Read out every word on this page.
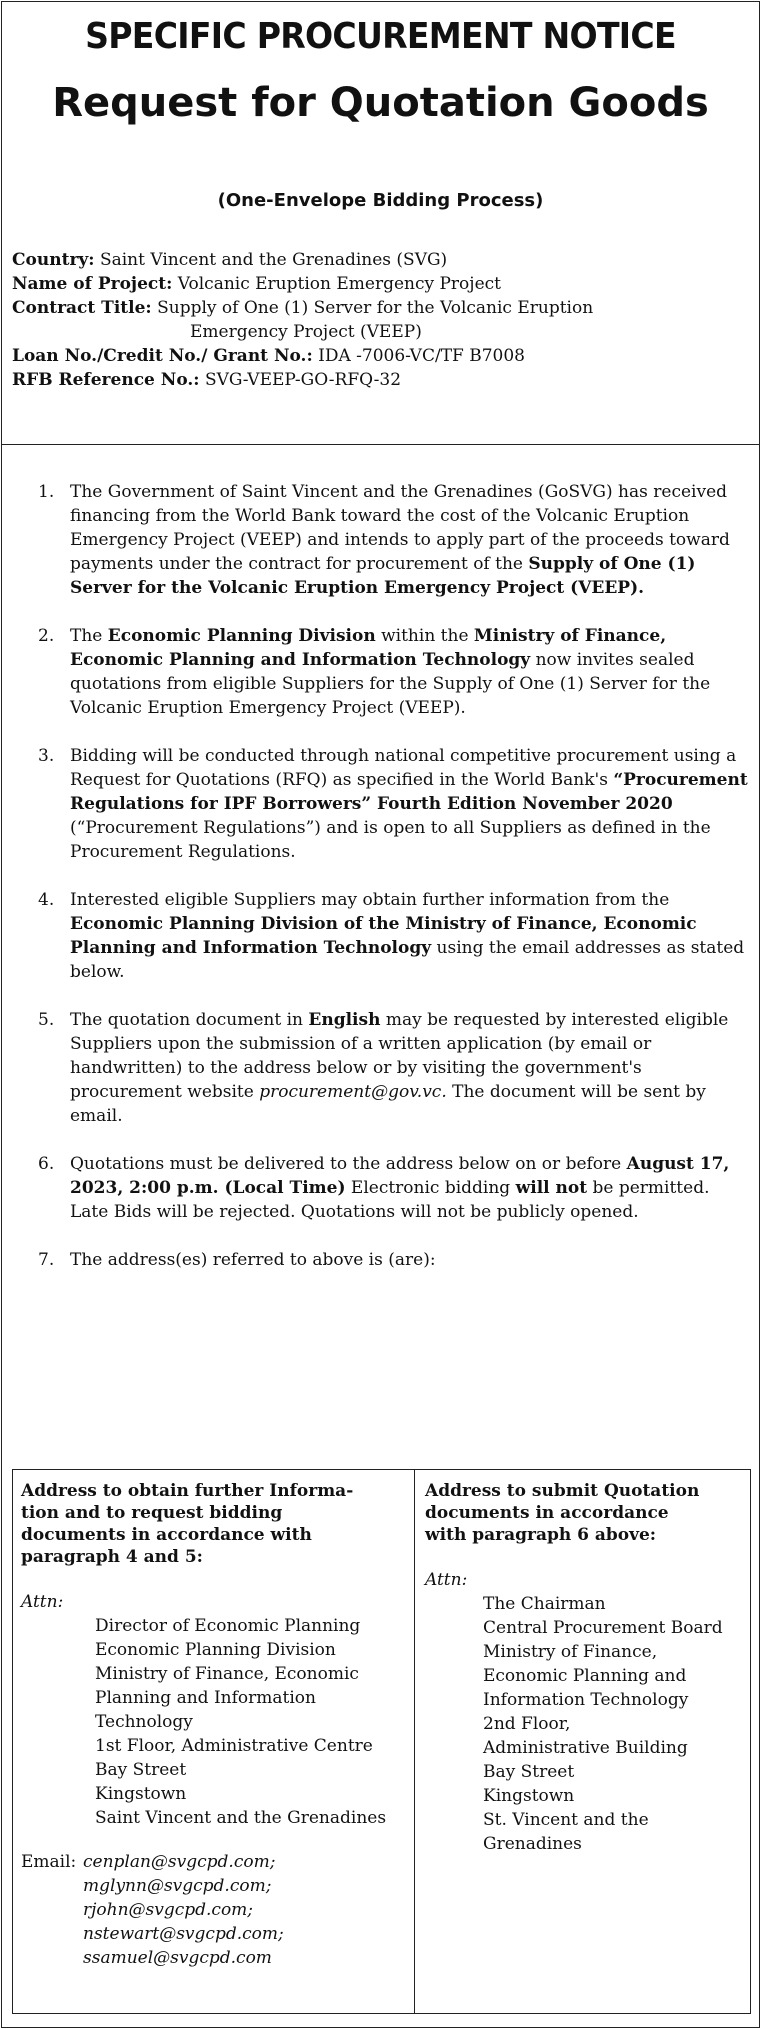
SPECIFIC PROCUREMENT NOTICE
Request for Quotation Goods
(One-Envelope Bidding Process)
Country: Saint Vincent and the Grenadines (SVG)
Name of Project: Volcanic Eruption Emergency Project
Contract Title: Supply of One (1) Server for the Volcanic Eruption
Emergency Project (VEEP)
Loan No./Credit No./ Grant No.: IDA -7006-VC/TF B7008
RFB Reference No.: SVG-VEEP-GO-RFQ-32
1. The Government of Saint Vincent and the Grenadines (GoSVG) has received financing from the World Bank toward the cost of the Volcanic Eruption Emergency Project (VEEP) and intends to apply part of the proceeds toward payments under the contract for procurement of the Supply of One (1) Server for the Volcanic Eruption Emergency Project (VEEP).
2. The Economic Planning Division within the Ministry of Finance, Economic Planning and Information Technology now invites sealed quotations from eligible Suppliers for the Supply of One (1) Server for the Volcanic Eruption Emergency Project (VEEP).
3. Bidding will be conducted through national competitive procurement using a Request for Quotations (RFQ) as specified in the World Bank's “Procurement Regulations for IPF Borrowers” Fourth Edition November 2020 (“Procurement Regulations”) and is open to all Suppliers as defined in the Procurement Regulations.
4. Interested eligible Suppliers may obtain further information from the Economic Planning Division of the Ministry of Finance, Economic Planning and Information Technology using the email addresses as stated below.
5. The quotation document in English may be requested by interested eligible Suppliers upon the submission of a written application (by email or handwritten) to the address below or by visiting the government's procurement website procurement@gov.vc. The document will be sent by email.
6. Quotations must be delivered to the address below on or before August 17, 2023, 2:00 p.m. (Local Time) Electronic bidding will not be permitted. Late Bids will be rejected. Quotations will not be publicly opened.
7. The address(es) referred to above is (are):
Address to obtain further Informa-
tion and to request bidding
documents in accordance with
paragraph 4 and 5:
Attn:
Director of Economic Planning
Economic Planning Division
Ministry of Finance, Economic
Planning and Information
Technology
1st Floor, Administrative Centre
Bay Street
Kingstown
Saint Vincent and the Grenadines
Email: cenplan@svgcpd.com;
mglynn@svgcpd.com;
rjohn@svgcpd.com;
nstewart@svgcpd.com;
ssamuel@svgcpd.com
Address to submit Quotation
documents in accordance
with paragraph 6 above:
Attn:
The Chairman
Central Procurement Board
Ministry of Finance,
Economic Planning and
Information Technology
2nd Floor,
Administrative Building
Bay Street
Kingstown
St. Vincent and the
Grenadines
